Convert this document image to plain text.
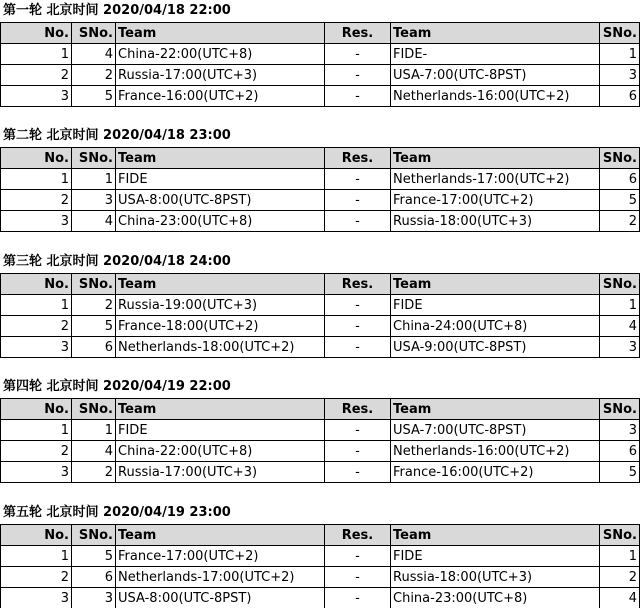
第一轮 北京时间 2020/04/18 22:00
No.	SNo.	Team	Res.	Team	SNo.
1	4	China-22:00(UTC+8)	-	FIDE-	1
2	2	Russia-17:00(UTC+3)	-	USA-7:00(UTC-8PST)	3
3	5	France-16:00(UTC+2)	-	Netherlands-16:00(UTC+2)	6
第二轮 北京时间 2020/04/18 23:00
No.	SNo.	Team	Res.	Team	SNo.
1	1	FIDE	-	Netherlands-17:00(UTC+2)	6
2	3	USA-8:00(UTC-8PST)	-	France-17:00(UTC+2)	5
3	4	China-23:00(UTC+8)	-	Russia-18:00(UTC+3)	2
第三轮 北京时间 2020/04/18 24:00
No.	SNo.	Team	Res.	Team	SNo.
1	2	Russia-19:00(UTC+3)	-	FIDE	1
2	5	France-18:00(UTC+2)	-	China-24:00(UTC+8)	4
3	6	Netherlands-18:00(UTC+2)	-	USA-9:00(UTC-8PST)	3
第四轮 北京时间 2020/04/19 22:00
No.	SNo.	Team	Res.	Team	SNo.
1	1	FIDE	-	USA-7:00(UTC-8PST)	3
2	4	China-22:00(UTC+8)	-	Netherlands-16:00(UTC+2)	6
3	2	Russia-17:00(UTC+3)	-	France-16:00(UTC+2)	5
第五轮 北京时间 2020/04/19 23:00
No.	SNo.	Team	Res.	Team	SNo.
1	5	France-17:00(UTC+2)	-	FIDE	1
2	6	Netherlands-17:00(UTC+2)	-	Russia-18:00(UTC+3)	2
3	3	USA-8:00(UTC-8PST)	-	China-23:00(UTC+8)	4
